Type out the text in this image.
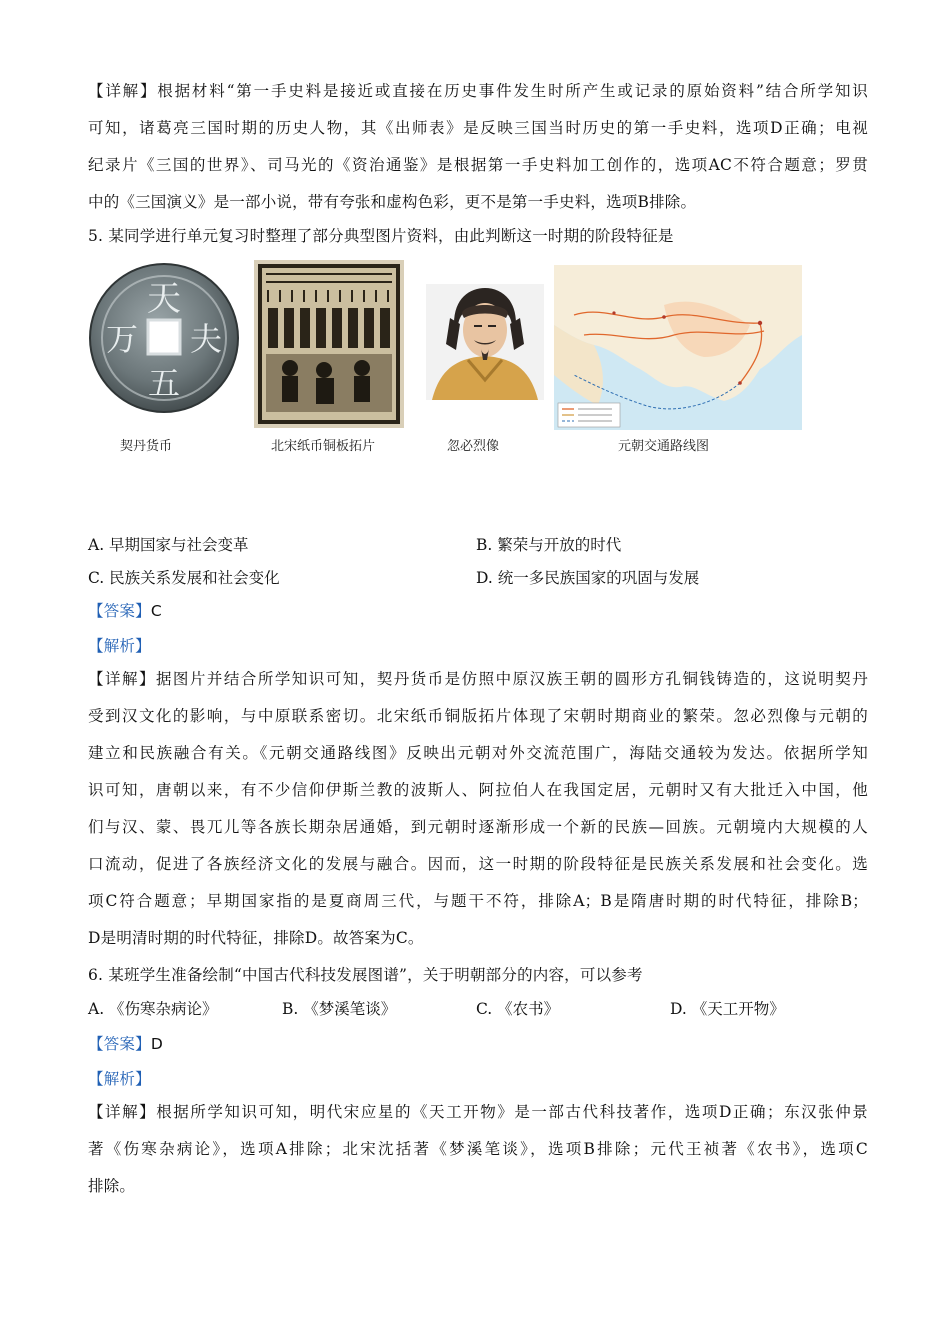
【详解】根据材料“第一手史料是接近或直接在历史事件发生时所产生或记录的原始资料”结合所学知识
可知，诸葛亮三国时期的历史人物，其《出师表》是反映三国当时历史的第一手史料，选项D正确；电视
纪录片《三国的世界》、司马光的《资治通鉴》是根据第一手史料加工创作的，选项AC不符合题意；罗贯
中的《三国演义》是一部小说，带有夸张和虚构色彩，更不是第一手史料，选项B排除。
5. 某同学进行单元复习时整理了部分典型图片资料，由此判断这一时期的阶段特征是
天
万 夫
五
契丹货币	北宋纸币铜板拓片	忽必烈像	元朝交通路线图
A. 早期国家与社会变革	B. 繁荣与开放的时代
C. 民族关系发展和社会变化	D. 统一多民族国家的巩固与发展
【答案】C
【解析】
【详解】据图片并结合所学知识可知，契丹货币是仿照中原汉族王朝的圆形方孔铜钱铸造的，这说明契丹
受到汉文化的影响，与中原联系密切。北宋纸币铜版拓片体现了宋朝时期商业的繁荣。忽必烈像与元朝的
建立和民族融合有关。《元朝交通路线图》反映出元朝对外交流范围广，海陆交通较为发达。依据所学知
识可知，唐朝以来，有不少信仰伊斯兰教的波斯人、阿拉伯人在我国定居，元朝时又有大批迁入中国，他
们与汉、蒙、畏兀儿等各族长期杂居通婚，到元朝时逐渐形成一个新的民族—回族。元朝境内大规模的人
口流动，促进了各族经济文化的发展与融合。因而，这一时期的阶段特征是民族关系发展和社会变化。选
项C符合题意；早期国家指的是夏商周三代，与题干不符，排除A；B是隋唐时期的时代特征，排除B；
D是明清时期的时代特征，排除D。故答案为C。
6. 某班学生准备绘制“中国古代科技发展图谱”，关于明朝部分的内容，可以参考
A. 《伤寒杂病论》	B. 《梦溪笔谈》	C. 《农书》	D. 《天工开物》
【答案】D
【解析】
【详解】根据所学知识可知，明代宋应星的《天工开物》是一部古代科技著作，选项D正确；东汉张仲景
著《伤寒杂病论》，选项A排除；北宋沈括著《梦溪笔谈》，选项B排除；元代王祯著《农书》，选项C
排除。
